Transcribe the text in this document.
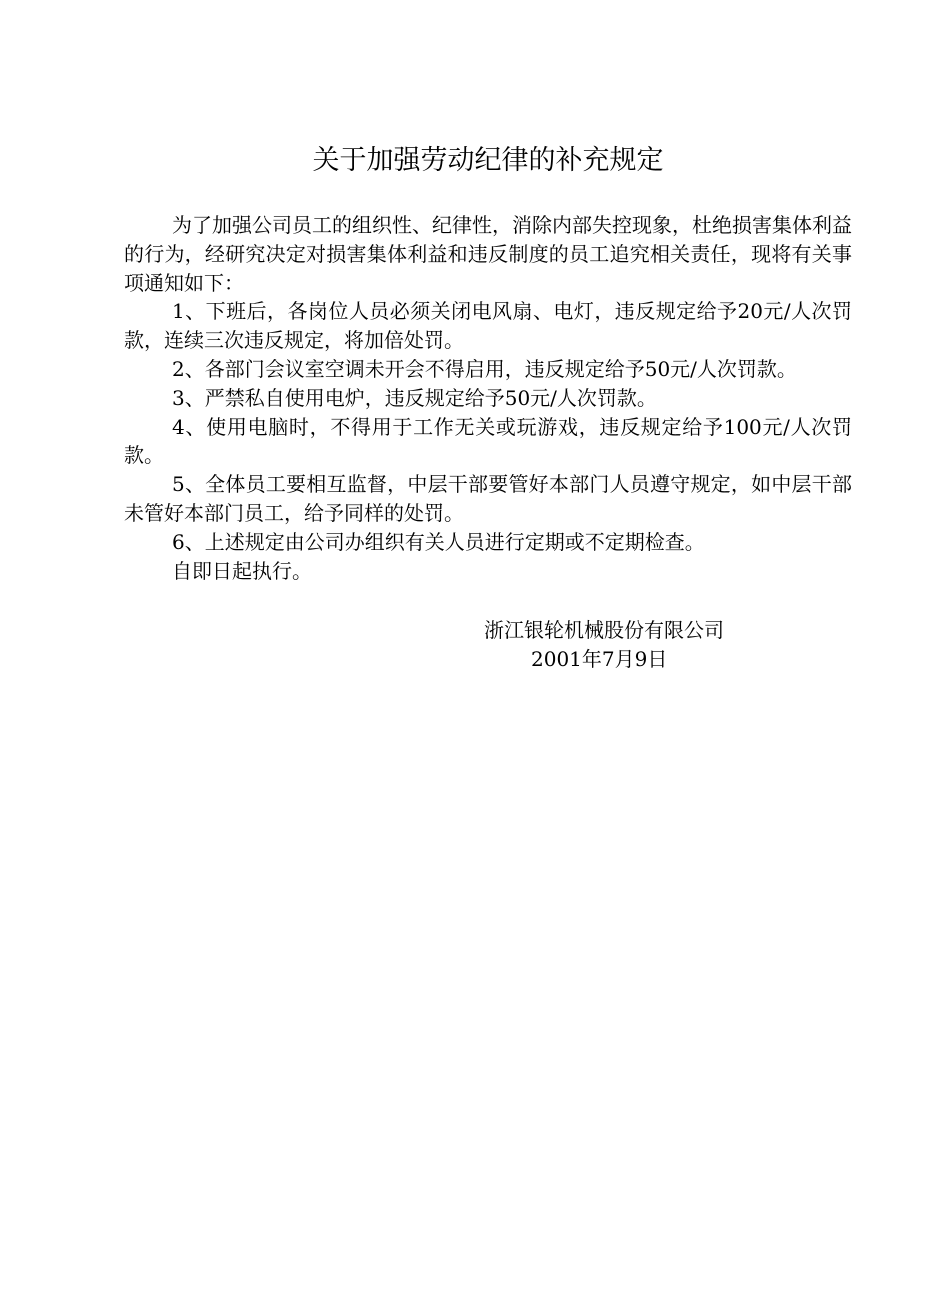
关于加强劳动纪律的补充规定

为了加强公司员工的组织性、纪律性，消除内部失控现象，杜绝损害集体利益的行为，经研究决定对损害集体利益和违反制度的员工追究相关责任，现将有关事项通知如下：

1、下班后，各岗位人员必须关闭电风扇、电灯，违反规定给予20元/人次罚款，连续三次违反规定，将加倍处罚。

2、各部门会议室空调未开会不得启用，违反规定给予50元/人次罚款。

3、严禁私自使用电炉，违反规定给予50元/人次罚款。

4、使用电脑时，不得用于工作无关或玩游戏，违反规定给予100元/人次罚款。

5、全体员工要相互监督，中层干部要管好本部门人员遵守规定，如中层干部未管好本部门员工，给予同样的处罚。

6、上述规定由公司办组织有关人员进行定期或不定期检查。

自即日起执行。

浙江银轮机械股份有限公司
2001年7月9日
